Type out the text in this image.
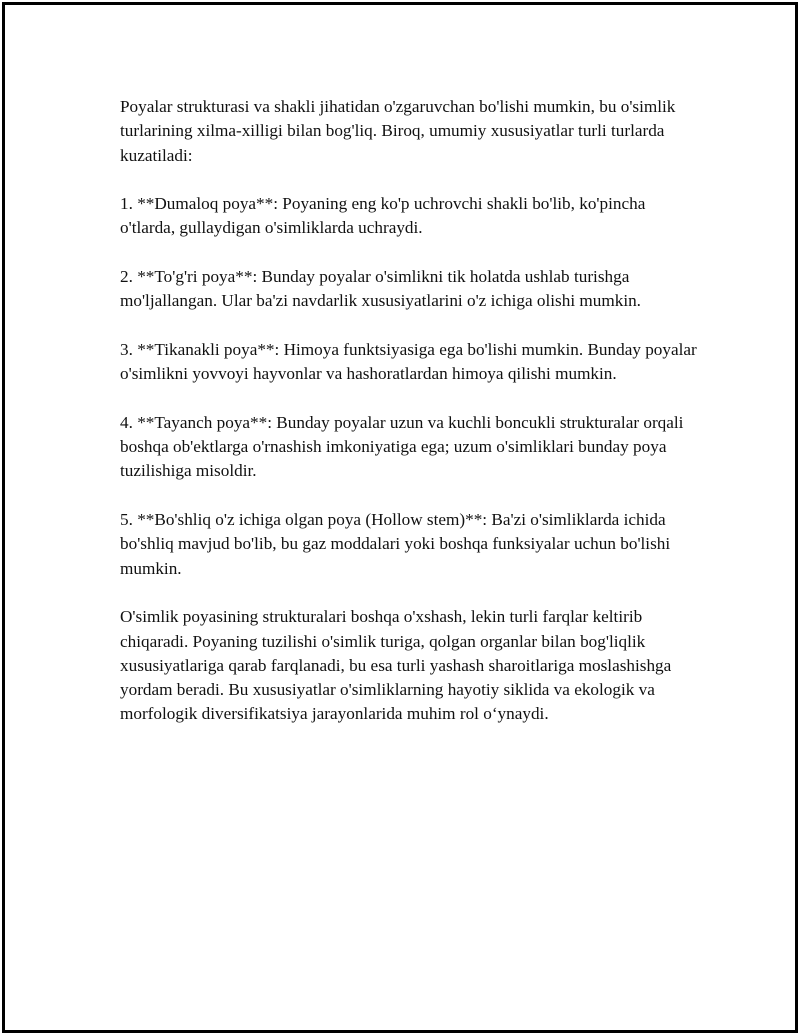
Poyalar strukturasi va shakli jihatidan o'zgaruvchan bo'lishi mumkin, bu o'simlik turlarining xilma-xilligi bilan bog'liq. Biroq, umumiy xususiyatlar turli turlarda kuzatiladi:

1. **Dumaloq poya**: Poyaning eng ko'p uchrovchi shakli bo'lib, ko'pincha o'tlarda, gullaydigan o'simliklarda uchraydi.

2. **To'g'ri poya**: Bunday poyalar o'simlikni tik holatda ushlab turishga mo'ljallangan. Ular ba'zi navdarlik xususiyatlarini o'z ichiga olishi mumkin.

3. **Tikanakli poya**: Himoya funktsiyasiga ega bo'lishi mumkin. Bunday poyalar o'simlikni yovvoyi hayvonlar va hashoratlardan himoya qilishi mumkin.

4. **Tayanch poya**: Bunday poyalar uzun va kuchli boncukli strukturalar orqali boshqa ob'ektlarga o'rnashish imkoniyatiga ega; uzum o'simliklari bunday poya tuzilishiga misoldir.

5. **Bo'shliq o'z ichiga olgan poya (Hollow stem)**: Ba'zi o'simliklarda ichida bo'shliq mavjud bo'lib, bu gaz moddalari yoki boshqa funksiyalar uchun bo'lishi mumkin.

O'simlik poyasining strukturalari boshqa o'xshash, lekin turli farqlar keltirib chiqaradi. Poyaning tuzilishi o'simlik turiga, qolgan organlar bilan bog'liqlik xususiyatlariga qarab farqlanadi, bu esa turli yashash sharoitlariga moslashishga yordam beradi. Bu xususiyatlar o'simliklarning hayotiy siklida va ekologik va morfologik diversifikatsiya jarayonlarida muhim rol o‘ynaydi.
